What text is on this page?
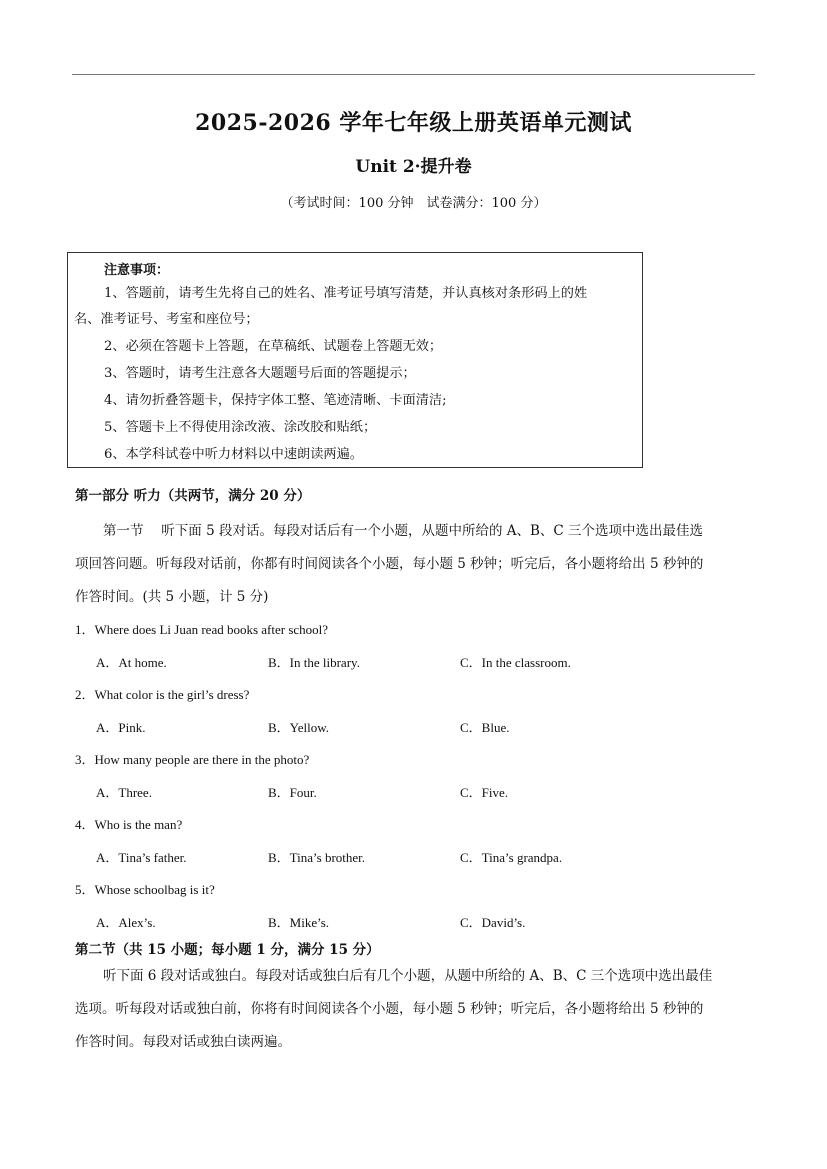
2025-2026 学年七年级上册英语单元测试
Unit 2·提升卷
（考试时间：100 分钟　试卷满分：100 分）
注意事项：
1、答题前，请考生先将自己的姓名、准考证号填写清楚，并认真核对条形码上的姓
名、准考证号、考室和座位号；
2、必须在答题卡上答题，在草稿纸、试题卷上答题无效；
3、答题时，请考生注意各大题题号后面的答题提示；
4、请勿折叠答题卡，保持字体工整、笔迹清晰、卡面清洁;
5、答题卡上不得使用涂改液、涂改胶和贴纸；
6、本学科试卷中听力材料以中速朗读两遍。
第一部分 听力（共两节，满分 20 分）
第一节　 听下面 5 段对话。每段对话后有一个小题，从题中所给的 A、B、C 三个选项中选出最佳选
项回答问题。听每段对话前，你都有时间阅读各个小题，每小题 5 秒钟；听完后，各小题将给出 5 秒钟的
作答时间。(共 5 小题，计 5 分)
1．Where does Li Juan read books after school?
A．At home.	B．In the library.	C．In the classroom.
2．What color is the girl’s dress?
A．Pink.	B．Yellow.	C．Blue.
3．How many people are there in the photo?
A．Three.	B．Four.	C．Five.
4．Who is the man?
A．Tina’s father.	B．Tina’s brother.	C．Tina’s grandpa.
5．Whose schoolbag is it?
A．Alex’s.	B．Mike’s.	C．David’s.
第二节（共 15 小题；每小题 1 分，满分 15 分）
听下面 6 段对话或独白。每段对话或独白后有几个小题，从题中所给的 A、B、C 三个选项中选出最佳
选项。听每段对话或独白前，你将有时间阅读各个小题，每小题 5 秒钟；听完后，各小题将给出 5 秒钟的
作答时间。每段对话或独白读两遍。
